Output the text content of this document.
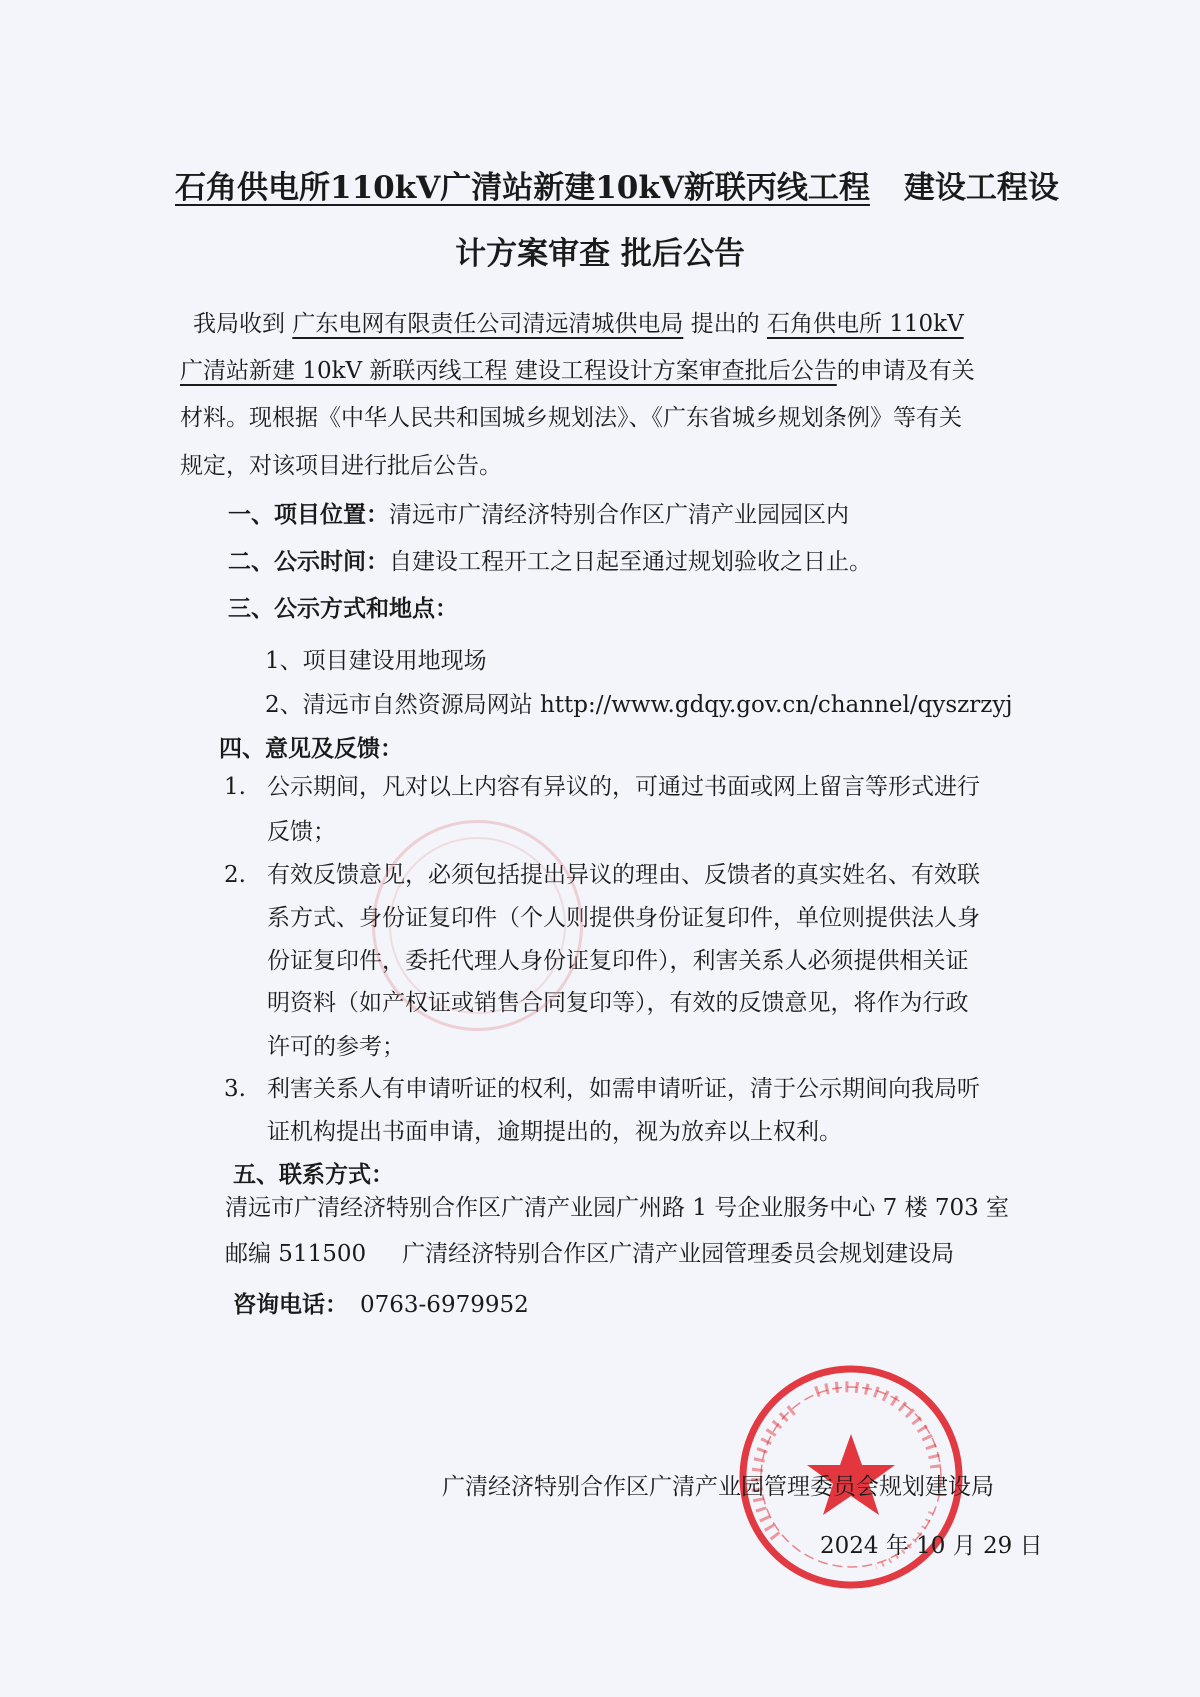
石角供电所110kV广清站新建10kV新联丙线工程 建设工程设
计方案审查 批后公告

我局收到 广东电网有限责任公司清远清城供电局 提出的 石角供电所 110kV

广清站新建 10kV 新联丙线工程 建设工程设计方案审查批后公告的申请及有关

材料。现根据《中华人民共和国城乡规划法》、《广东省城乡规划条例》等有关

规定，对该项目进行批后公告。

一、项目位置：清远市广清经济特别合作区广清产业园园区内

二、公示时间：自建设工程开工之日起至通过规划验收之日止。

三、公示方式和地点：

1、项目建设用地现场

2、清远市自然资源局网站 http://www.gdqy.gov.cn/channel/qyszrzyj

四、意见及反馈：

1. 公示期间，凡对以上内容有异议的，可通过书面或网上留言等形式进行

反馈；

2. 有效反馈意见，必须包括提出异议的理由、反馈者的真实姓名、有效联

系方式、身份证复印件（个人则提供身份证复印件，单位则提供法人身

份证复印件，委托代理人身份证复印件），利害关系人必须提供相关证

明资料（如产权证或销售合同复印等），有效的反馈意见，将作为行政

许可的参考；

3. 利害关系人有申请听证的权利，如需申请听证，清于公示期间向我局听

证机构提出书面申请，逾期提出的，视为放弃以上权利。

五、联系方式：

清远市广清经济特别合作区广清产业园广州路 1 号企业服务中心 7 楼 703 室

邮编 511500 广清经济特别合作区广清产业园管理委员会规划建设局

咨询电话： 0763-6979952

广清经济特别合作区广清产业园管理委员会规划建设局
2024 年 10 月 29 日
